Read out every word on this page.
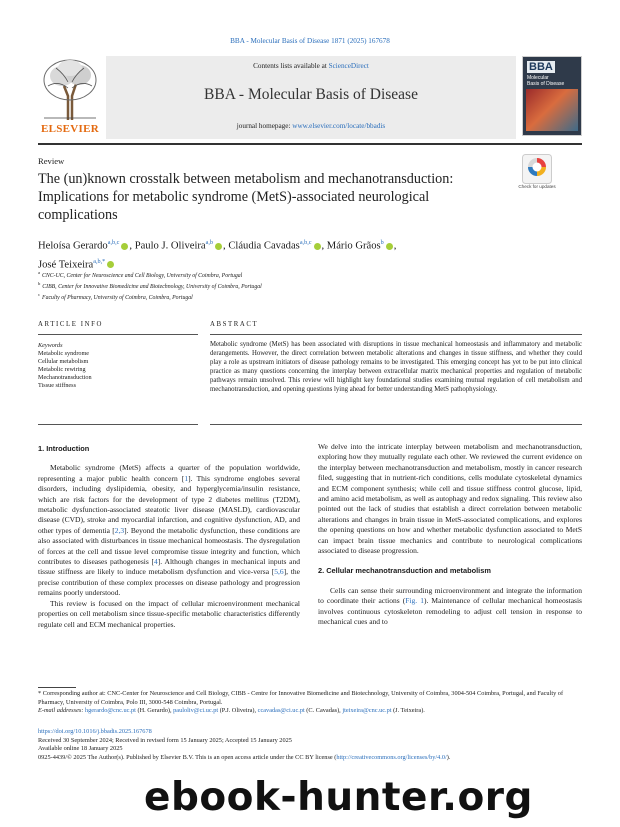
BBA - Molecular Basis of Disease 1871 (2025) 167678
ELSEVIER
Contents lists available at ScienceDirect
BBA - Molecular Basis of Disease
journal homepage: www.elsevier.com/locate/bbadis
BBA
Molecular
Basis of Disease
Review
The (un)known crosstalk between metabolism and mechanotransduction: Implications for metabolic syndrome (MetS)-associated neurological complications
Check for updates
Heloísa Gerardo$^{a,b,c}$ , Paulo J. Oliveira$^{a,b}$ , Cláudia Cavadas$^{a,b,c}$ , Mário Grãos$^b$ ,
José Teixeira$^{a,b,*}$
$^a$CNC-UC, Center for Neuroscience and Cell Biology, University of Coimbra, Portugal
$^b$CIBB, Center for Innovative Biomedicine and Biotechnology, University of Coimbra, Portugal
$^c$Faculty of Pharmacy, University of Coimbra, Coimbra, Portugal
ARTICLE INFO	ABSTRACT
Keywords
Metabolic syndrome
Cellular metabolism
Metabolic rewiring
Mechanotransduction
Tissue stiffness
Metabolic syndrome (MetS) has been associated with disruptions in tissue mechanical homeostasis and inflammatory and metabolic derangements. However, the direct correlation between metabolic alterations and changes in tissue stiffness, and whether they could play a role as upstream initiators of disease pathology remains to be investigated. This emerging concept has yet to be put into clinical practice as many questions concerning the interplay between extracellular matrix mechanical properties and regulation of metabolic pathways remain unsolved. This review will highlight key foundational studies examining mutual regulation of cell metabolism and mechanotransduction, and opening questions lying ahead for better understanding MetS pathophysiology.

1. Introduction

Metabolic syndrome (MetS) affects a quarter of the population worldwide, representing a major public health concern [1]. This syndrome englobes several disorders, including dyslipidemia, obesity, and hyperglycemia/insulin resistance, which are risk factors for the development of type 2 diabetes mellitus (T2DM), metabolic dysfunction-associated steatotic liver disease (MASLD), cardiovascular disease (CVD), stroke and myocardial infarction, and cognitive dysfunction, AD, and other types of dementia [2,3]. Beyond the metabolic dysfunction, these conditions are also associated with disturbances in tissue mechanical homeostasis. The dysregulation of forces at the cell and tissue level compromise tissue integrity and function, which contributes to diseases pathogenesis [4]. Although changes in mechanical inputs and tissue stiffness are likely to induce metabolism dysfunction and vice-versa [5,6], the precise contribution of these complex processes on disease pathology and progression remains poorly understood.

This review is focused on the impact of cellular microenvironment mechanical properties on cell metabolism since tissue-specific metabolic characteristics differently regulate cell and ECM mechanical properties.

We delve into the intricate interplay between metabolism and mechanotransduction, exploring how they mutually regulate each other. We reviewed the current evidence on the interplay between mechanotransduction and metabolism, mostly in cancer research filed, suggesting that in nutrient-rich conditions, cells modulate cytoskeletal dynamics and ECM component synthesis; while cell and tissue stiffness control glucose, lipid, and amino acid metabolism, as well as autophagy and redox signaling. This review also pointed out the lack of studies that establish a direct correlation between metabolic alterations and changes in brain tissue in MetS-associated complications, and explores the opening questions on how and whether metabolic dysfunction associated to MetS can impact brain tissue mechanics and contribute to neurological complications associated to disease progression.

2. Cellular mechanotransduction and metabolism

Cells can sense their surrounding microenvironment and integrate the information to coordinate their actions (Fig. 1). Maintenance of cellular mechanical homeostasis involves continuous cytoskeleton remodeling to adjust cell tension in response to mechanical cues and to

* Corresponding author at: CNC-Center for Neuroscience and Cell Biology, CIBB - Centre for Innovative Biomedicine and Biotechnology, University of Coimbra, 3004-504 Coimbra, Portugal, and Faculty of Pharmacy, University of Coimbra, Polo III, 3000-548 Coimbra, Portugal.
E-mail addresses: hgerardo@cnc.uc.pt (H. Gerardo), pauloliv@ci.uc.pt (P.J. Oliveira), ccavadas@ci.uc.pt (C. Cavadas), jteixeira@cnc.uc.pt (J. Teixeira).
https://doi.org/10.1016/j.bbadis.2025.167678
Received 30 September 2024; Received in revised form 15 January 2025; Accepted 15 January 2025
Available online 18 January 2025
0925-4439/© 2025 The Author(s). Published by Elsevier B.V. This is an open access article under the CC BY license (http://creativecommons.org/licenses/by/4.0/).
ebook-hunter.org
